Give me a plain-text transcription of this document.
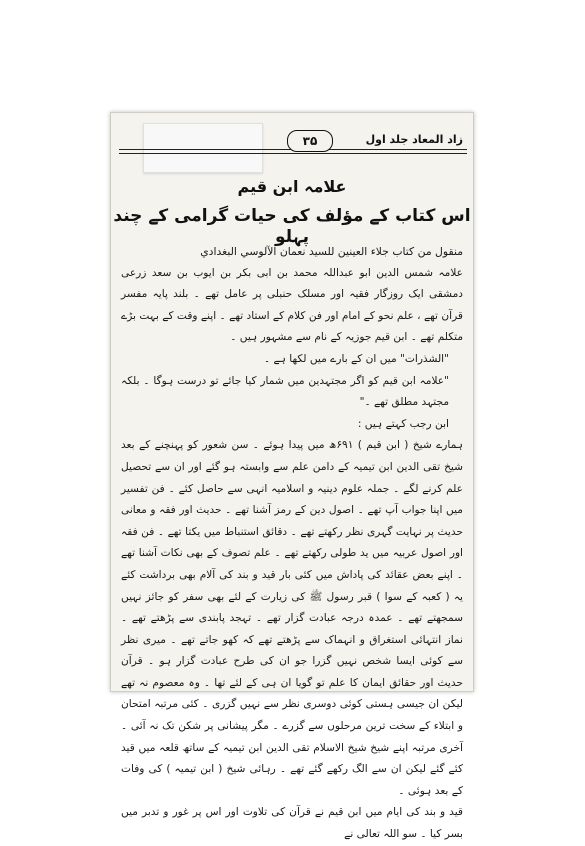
زاد المعاد جلد اول
۳۵
علامہ ابن قیم
اس کتاب کے مؤلف کی حیات گرامی کے چند پہلو

منقول من كتاب جلاء العينين للسيد نعمان الآلوسي البغدادي

علامہ شمس الدین ابو عبداللہ محمد بن ابی بکر بن ایوب بن سعد زرعی دمشقی ایک روزگار فقیہ اور مسلک حنبلی پر عامل تھے ۔ بلند پایہ مفسر قرآن تھے ، علم نحو کے امام اور فن کلام کے استاد تھے ۔ اپنے وقت کے بہت بڑے متکلم تھے ۔ ابن قیم جوزیہ کے نام سے مشہور ہیں ۔

"الشذرات" میں ان کے بارے میں لکھا ہے ۔

"علامہ ابن قیم کو اگر مجتہدین میں شمار کیا جائے تو درست ہوگا ۔ بلکہ مجتہد مطلق تھے ۔"

ابن رجب کہتے ہیں :

ہمارے شیخ ( ابن قیم ) ۶۹۱ھ میں پیدا ہوئے ۔ سن شعور کو پہنچنے کے بعد شیخ تقی الدین ابن تیمیہ کے دامن علم سے وابستہ ہو گئے اور ان سے تحصیل علم کرنے لگے ۔ جملہ علوم دینیہ و اسلامیہ انہی سے حاصل کئے ۔ فن تفسیر میں اپنا جواب آپ تھے ۔ اصول دین کے رمز آشنا تھے ۔ حدیث اور فقہ و معانی حدیث پر نہایت گہری نظر رکھتے تھے ۔ دقائق استنباط میں یکتا تھے ۔ فن فقہ اور اصول عربیہ میں ید طولی رکھتے تھے ۔ علم تصوف کے بھی نکات آشنا تھے ۔ اپنے بعض عقائد کی پاداش میں کئی بار قید و بند کی آلام بھی برداشت کئے یہ ( کعبہ کے سوا ) قبر رسول ﷺ کی زیارت کے لئے بھی سفر کو جائز نہیں سمجھتے تھے ۔ عمدہ درجہ عبادت گزار تھے ۔ تہجد پابندی سے پڑھتے تھے ۔ نماز انتہائی استغراق و انہماک سے پڑھتے تھے کہ کھو جاتے تھے ۔ میری نظر سے کوئی ایسا شخص نہیں گزرا جو ان کی طرح عبادت گزار ہو ۔ قرآن حدیث اور حقائق ایمان کا علم تو گویا ان ہی کے لئے تھا ۔ وہ معصوم نہ تھے لیکن ان جیسی ہستی کوئی دوسری نظر سے نہیں گزری ۔ کئی مرتبہ امتحان و ابتلاء کے سخت ترین مرحلوں سے گزرے ۔ مگر پیشانی پر شکن تک نہ آئی ۔ آخری مرتبہ اپنے شیخ شیخ الاسلام تقی الدین ابن تیمیہ کے ساتھ قلعہ میں قید کئے گئے لیکن ان سے الگ رکھے گئے تھے ۔ رہائی شیخ ( ابن تیمیہ ) کی وفات کے بعد ہوئی ۔

قید و بند کی ایام میں ابن قیم نے قرآن کی تلاوت اور اس پر غور و تدبر میں بسر کیا ۔ سو اللہ تعالی نے
